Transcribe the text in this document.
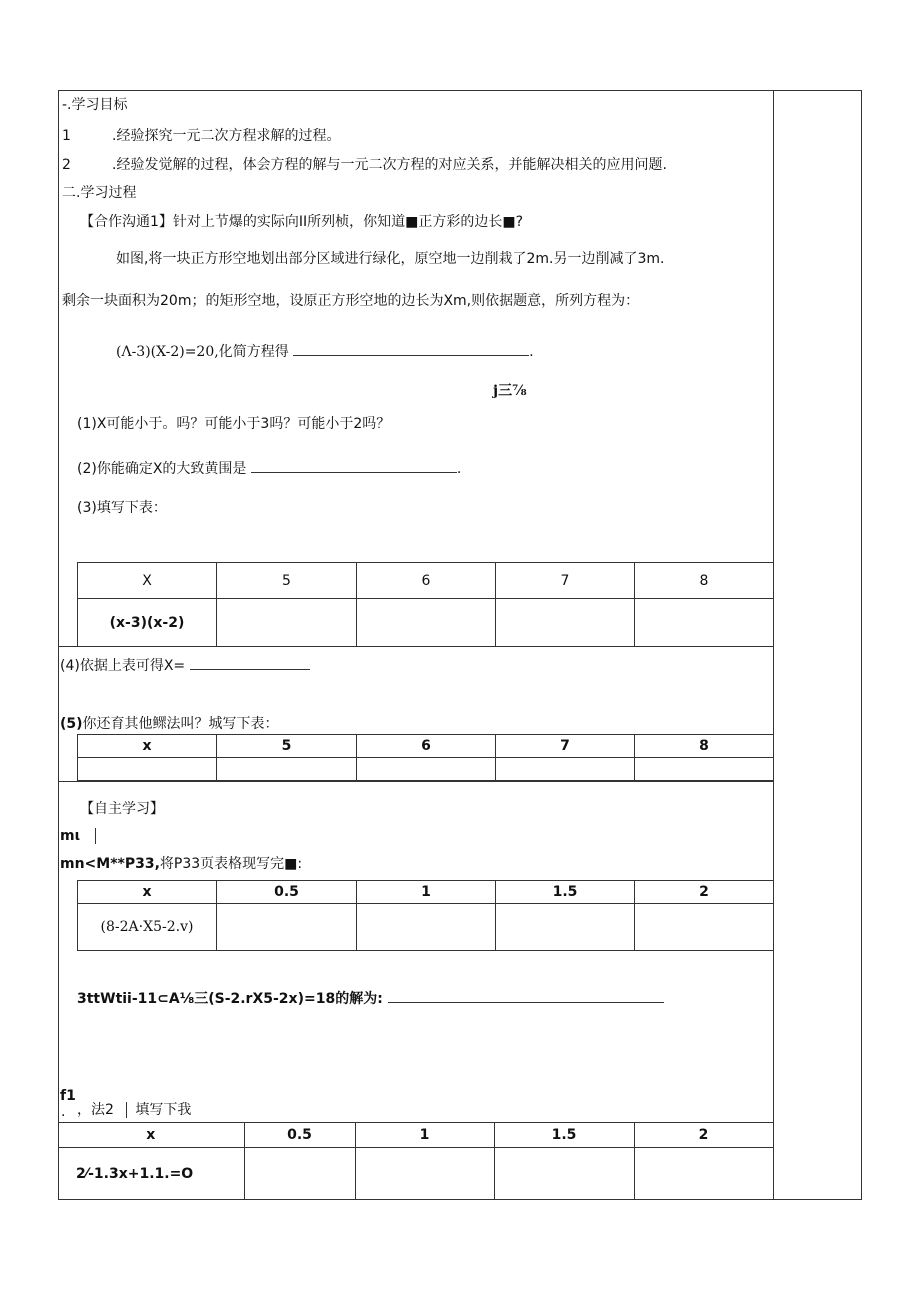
-.学习目标
1	.经验探究一元二次方程求解的过程。
2	.经验发觉解的过程，体会方程的解与一元二次方程的对应关系，并能解决相关的应用问题.
二.学习过程
【合作沟通1】针对上节爆的实际向II所列桢，你知道■正方彩的边长■?
如图,将一块正方形空地划出部分区域进行绿化，原空地一边削栽了2m.另一边削减了3m.
剩余一块面积为20m；的矩形空地，设原正方形空地的边长为Xm,则依据题意，所列方程为：
(Λ-3)(X-2)=20,化简方程得	.
j三⅞
(1)X可能小于。吗？可能小于3吗？可能小于2吗？
(2)你能确定X的大致黄围是	.
(3)填写下表：
X	5	6	7	8
(x-3)(x-2)				
(4)依据上表可得X=
(5)你还育其他鳏法叫？城写下表：
x	5	6	7	8

【自主学习】
mι
mn<M**P33,将P33页表格现写完■:
x	0.5	1	1.5	2
(8-2A·X5-2.v)				
3ttWtii-11⊂A⅛三(S-2.rX5-2x)=18的解为:
f1
. ，法2 填写下我
x	0.5	1	1.5	2
2⁄-1.3x+1.1.=O				
